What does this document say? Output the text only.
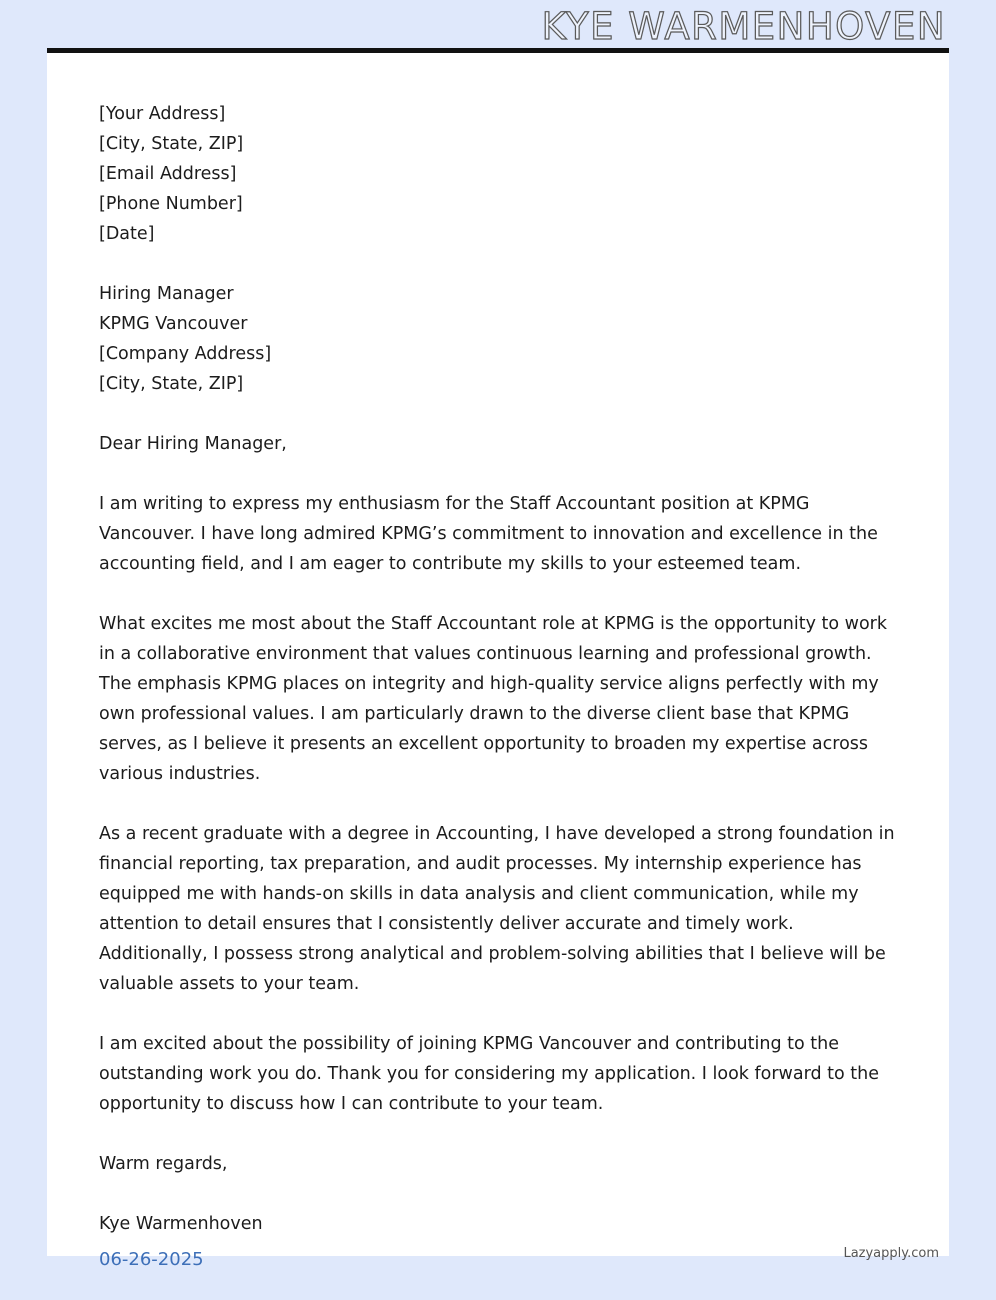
KYE WARMENHOVEN
[Your Address]
[City, State, ZIP]
[Email Address]
[Phone Number]
[Date]
Hiring Manager
KPMG Vancouver
[Company Address]
[City, State, ZIP]
Dear Hiring Manager,
I am writing to express my enthusiasm for the Staff Accountant position at KPMG Vancouver. I have long admired KPMG’s commitment to innovation and excellence in the accounting field, and I am eager to contribute my skills to your esteemed team.
What excites me most about the Staff Accountant role at KPMG is the opportunity to work in a collaborative environment that values continuous learning and professional growth. The emphasis KPMG places on integrity and high-quality service aligns perfectly with my own professional values. I am particularly drawn to the diverse client base that KPMG serves, as I believe it presents an excellent opportunity to broaden my expertise across various industries.
As a recent graduate with a degree in Accounting, I have developed a strong foundation in financial reporting, tax preparation, and audit processes. My internship experience has equipped me with hands-on skills in data analysis and client communication, while my attention to detail ensures that I consistently deliver accurate and timely work. Additionally, I possess strong analytical and problem-solving abilities that I believe will be valuable assets to your team.
I am excited about the possibility of joining KPMG Vancouver and contributing to the outstanding work you do. Thank you for considering my application. I look forward to the opportunity to discuss how I can contribute to your team.
Warm regards,
Kye Warmenhoven
06-26-2025	Lazyapply.com
